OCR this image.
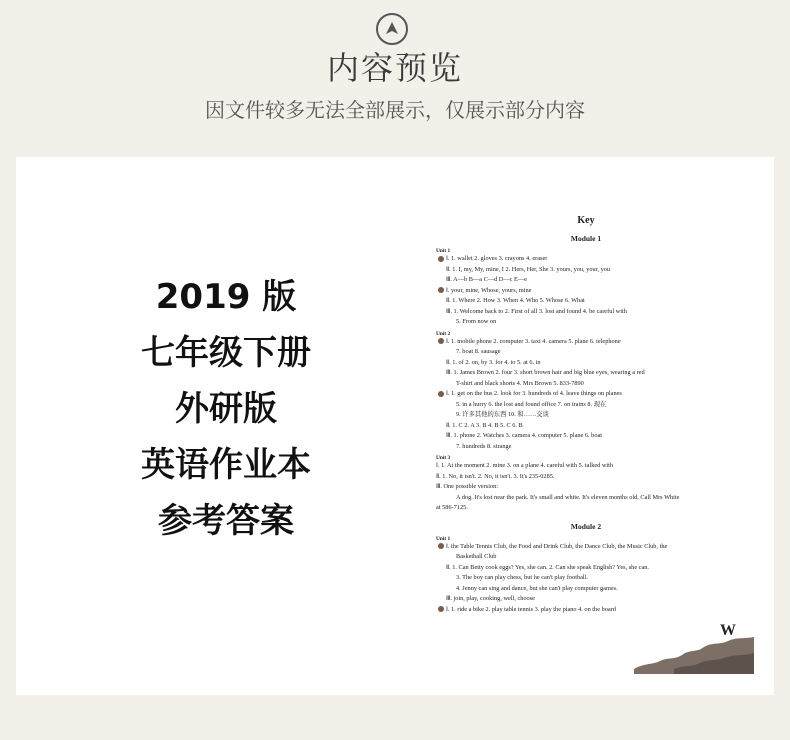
内容预览
因文件较多无法全部展示，仅展示部分内容
2019 版
七年级下册
外研版
英语作业本
参考答案
Key
Module 1
Unit 1
Ⅰ. 1. wallet 2. gloves 3. crayons 4. eraser
Ⅱ. 1. I, my, My, mine, I 2. Hers, Her, She 3. yours, you, your, you
Ⅲ. A—b B—a C—d D—c E—e
Ⅰ. your, mine, Whose, yours, mine
Ⅱ. 1. Where 2. How 3. When 4. Who 5. Whose 6. What
Ⅲ. 1. Welcome back to 2. First of all 3. lost and found 4. be careful with
5. From now on
Unit 2
Ⅰ. 1. mobile phone 2. computer 3. taxi 4. camera 5. plane 6. telephone
7. boat 8. sausage
Ⅱ. 1. of 2. on, by 3. for 4. to 5. at 6. in
Ⅲ. 1. James Brown 2. four 3. short brown hair and big blue eyes, wearing a red
T-shirt and black shorts 4. Mrs Brown 5. 833-7890
Ⅰ. 1. get on the bus 2. look for 3. hundreds of 4. leave things on planes
5. in a hurry 6. the lost and found office 7. on trains 8. 现在
9. 许多其他的东西 10. 和……交谈
Ⅱ. 1. C 2. A 3. B 4. B 5. C 6. B
Ⅲ. 1. phone 2. Watches 3. camera 4. computer 5. plane 6. boat
7. hundreds 8. strange
Unit 3
Ⅰ. 1. At the moment 2. mine 3. on a plane 4. careful with 5. talked with
Ⅱ. 1. No, it isn't. 2. No, it isn't. 3. It's 235-0285.
Ⅲ. One possible version:
A dog. It's lost near the park. It's small and white. It's eleven months old. Call Mrs White
at 586-7125.
Module 2
Unit 1
Ⅰ. the Table Tennis Club, the Food and Drink Club, the Dance Club, the Music Club, the
Basketball Club
Ⅱ. 1. Can Betty cook eggs? Yes, she can. 2. Can she speak English? Yes, she can.
3. The boy can play chess, but he can't play football.
4. Jenny can sing and dance, but she can't play computer games.
Ⅲ. join, play, cooking, well, choose
Ⅰ. 1. ride a bike 2. play table tennis 3. play the piano 4. on the board
W
